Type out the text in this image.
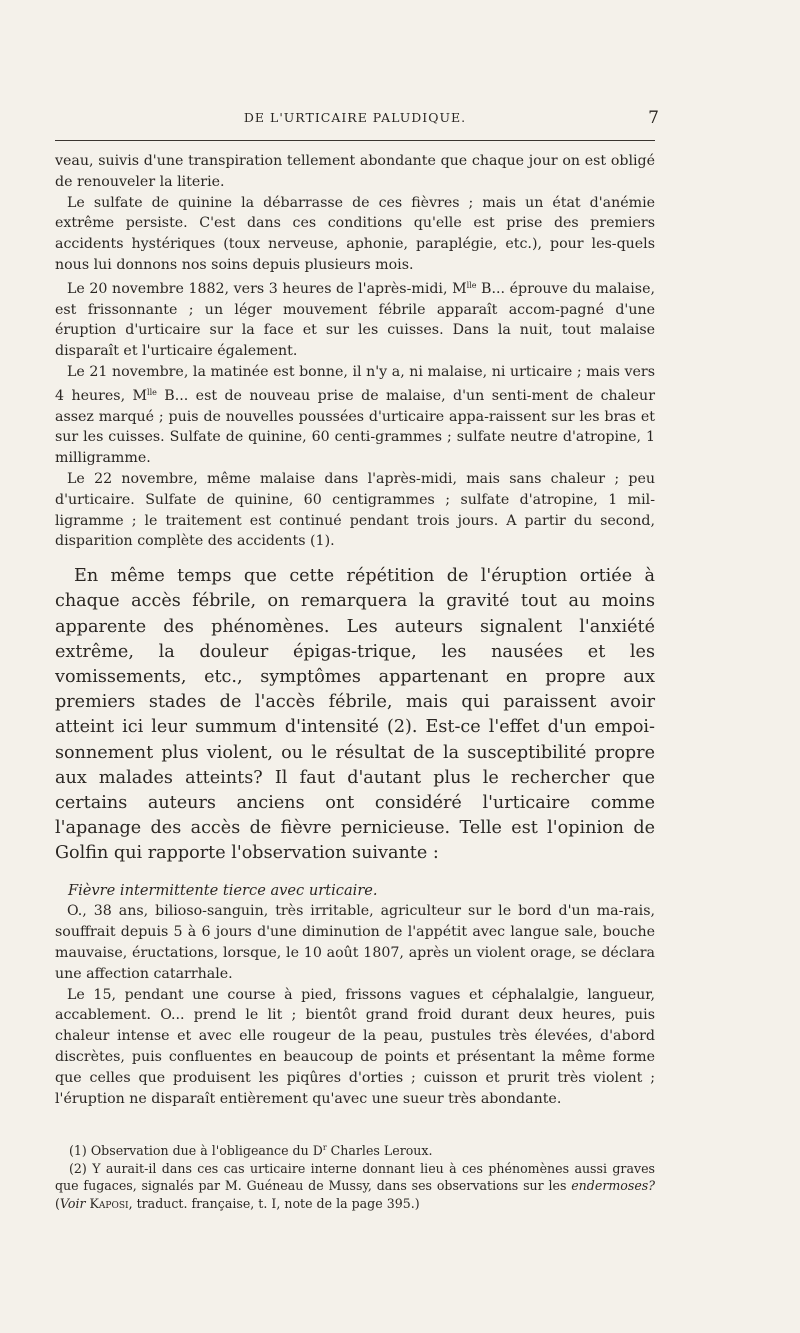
DE L'URTICAIRE PALUDIQUE.	7

veau, suivis d'une transpiration tellement abondante que chaque jour on est obligé de renouveler la literie.

Le sulfate de quinine la débarrasse de ces fièvres ; mais un état d'anémie extrême persiste. C'est dans ces conditions qu'elle est prise des premiers accidents hystériques (toux nerveuse, aphonie, paraplégie, etc.), pour les-quels nous lui donnons nos soins depuis plusieurs mois.

Le 20 novembre 1882, vers 3 heures de l'après-midi, $M^{lle}$ B... éprouve du malaise, est frissonnante ; un léger mouvement fébrile apparaît accom-pagné d'une éruption d'urticaire sur la face et sur les cuisses. Dans la nuit, tout malaise disparaît et l'urticaire également.

Le 21 novembre, la matinée est bonne, il n'y a, ni malaise, ni urticaire ; mais vers 4 heures, $M^{lle}$ B... est de nouveau prise de malaise, d'un senti-ment de chaleur assez marqué ; puis de nouvelles poussées d'urticaire appa-raissent sur les bras et sur les cuisses. Sulfate de quinine, 60 centi-grammes ; sulfate neutre d'atropine, 1 milligramme.

Le 22 novembre, même malaise dans l'après-midi, mais sans chaleur ; peu d'urticaire. Sulfate de quinine, 60 centigrammes ; sulfate d'atropine, 1 mil-ligramme ; le traitement est continué pendant trois jours. A partir du second, disparition complète des accidents (1).

En même temps que cette répétition de l'éruption ortiée à chaque accès fébrile, on remarquera la gravité tout au moins apparente des phénomènes. Les auteurs signalent l'anxiété extrême, la douleur épigas-trique, les nausées et les vomissements, etc., symptômes appartenant en propre aux premiers stades de l'accès fébrile, mais qui paraissent avoir atteint ici leur summum d'intensité (2). Est-ce l'effet d'un empoi-sonnement plus violent, ou le résultat de la susceptibilité propre aux malades atteints? Il faut d'autant plus le rechercher que certains auteurs anciens ont considéré l'urticaire comme l'apanage des accès de fièvre pernicieuse. Telle est l'opinion de Golfin qui rapporte l'observation suivante :

Fièvre intermittente tierce avec urticaire.

O., 38 ans, bilioso-sanguin, très irritable, agriculteur sur le bord d'un ma-rais, souffrait depuis 5 à 6 jours d'une diminution de l'appétit avec langue sale, bouche mauvaise, éructations, lorsque, le 10 août 1807, après un violent orage, se déclara une affection catarrhale.

Le 15, pendant une course à pied, frissons vagues et céphalalgie, langueur, accablement. O... prend le lit ; bientôt grand froid durant deux heures, puis chaleur intense et avec elle rougeur de la peau, pustules très élevées, d'abord discrètes, puis confluentes en beaucoup de points et présentant la même forme que celles que produisent les piqûres d'orties ; cuisson et prurit très violent ; l'éruption ne disparaît entièrement qu'avec une sueur très abondante.

(1) Observation due à l'obligeance du $D^r$ Charles Leroux.

(2) Y aurait-il dans ces cas urticaire interne donnant lieu à ces phénomènes aussi graves que fugaces, signalés par M. Guéneau de Mussy, dans ses observations sur les endermoses? (Voir Kaposi, traduct. française, t. I, note de la page 395.)
